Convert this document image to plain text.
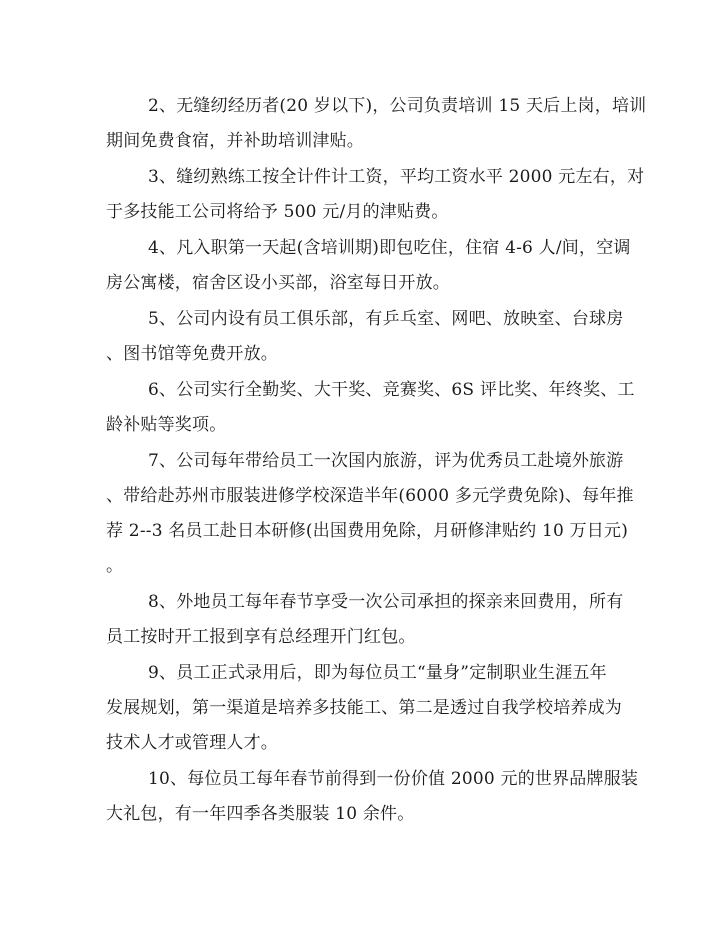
2、无缝纫经历者(20 岁以下)，公司负责培训 15 天后上岗，培训
期间免费食宿，并补助培训津贴。
3、缝纫熟练工按全计件计工资，平均工资水平 2000 元左右，对
于多技能工公司将给予 500 元/月的津贴费。
4、凡入职第一天起(含培训期)即包吃住，住宿 4-6 人/间，空调
房公寓楼，宿舍区设小买部，浴室每日开放。
5、公司内设有员工俱乐部，有乒乓室、网吧、放映室、台球房
、图书馆等免费开放。
6、公司实行全勤奖、大干奖、竞赛奖、6S 评比奖、年终奖、工
龄补贴等奖项。
7、公司每年带给员工一次国内旅游，评为优秀员工赴境外旅游
、带给赴苏州市服装进修学校深造半年(6000 多元学费免除)、每年推
荐 2--3 名员工赴日本研修(出国费用免除，月研修津贴约 10 万日元)
。
8、外地员工每年春节享受一次公司承担的探亲来回费用，所有
员工按时开工报到享有总经理开门红包。
9、员工正式录用后，即为每位员工“量身”定制职业生涯五年
发展规划，第一渠道是培养多技能工、第二是透过自我学校培养成为
技术人才或管理人才。
10、每位员工每年春节前得到一份价值 2000 元的世界品牌服装
大礼包，有一年四季各类服装 10 余件。
